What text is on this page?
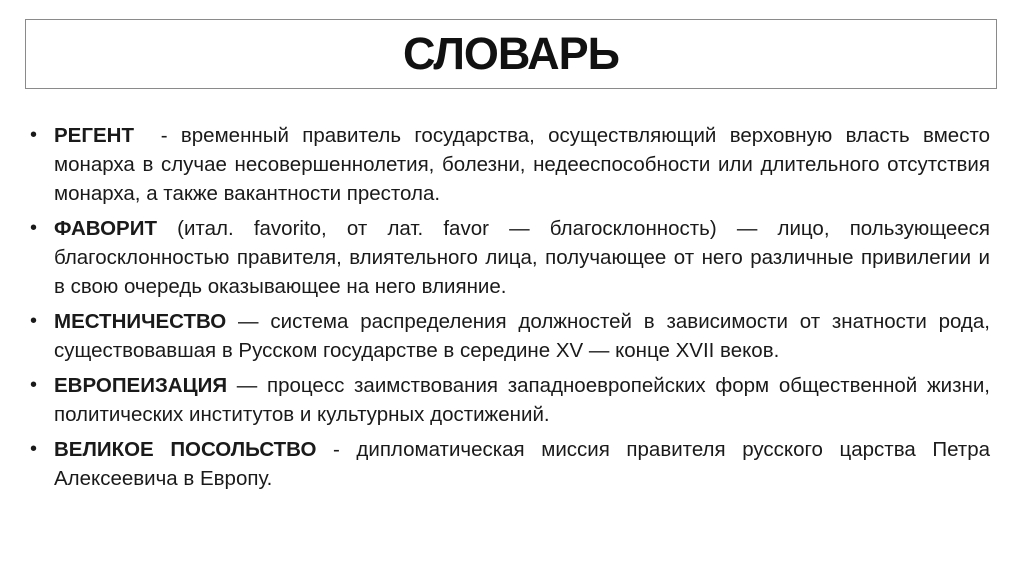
СЛОВАРЬ
• РЕГЕНТ  - временный правитель государства, осуществляющий верховную власть вместо монарха в случае несовершеннолетия, болезни, недееспособности или длительного отсутствия монарха, а также вакантности престола.
• ФАВОРИТ (итал. favorito, от лат. favor — благосклонность) — лицо, пользующееся благосклонностью правителя, влиятельного лица, получающее от него различные привилегии и в свою очередь оказывающее на него влияние.
• МЕСТНИЧЕСТВО — система распределения должностей в зависимости от знатности рода, существовавшая в Русском государстве в середине XV — конце XVII веков.
• ЕВРОПЕИЗАЦИЯ — процесс заимствования западноевропейских форм общественной жизни, политических институтов и культурных достижений.
• ВЕЛИКОЕ ПОСОЛЬСТВО - дипломатическая миссия правителя русского царства Петра Алексеевича в Европу.
